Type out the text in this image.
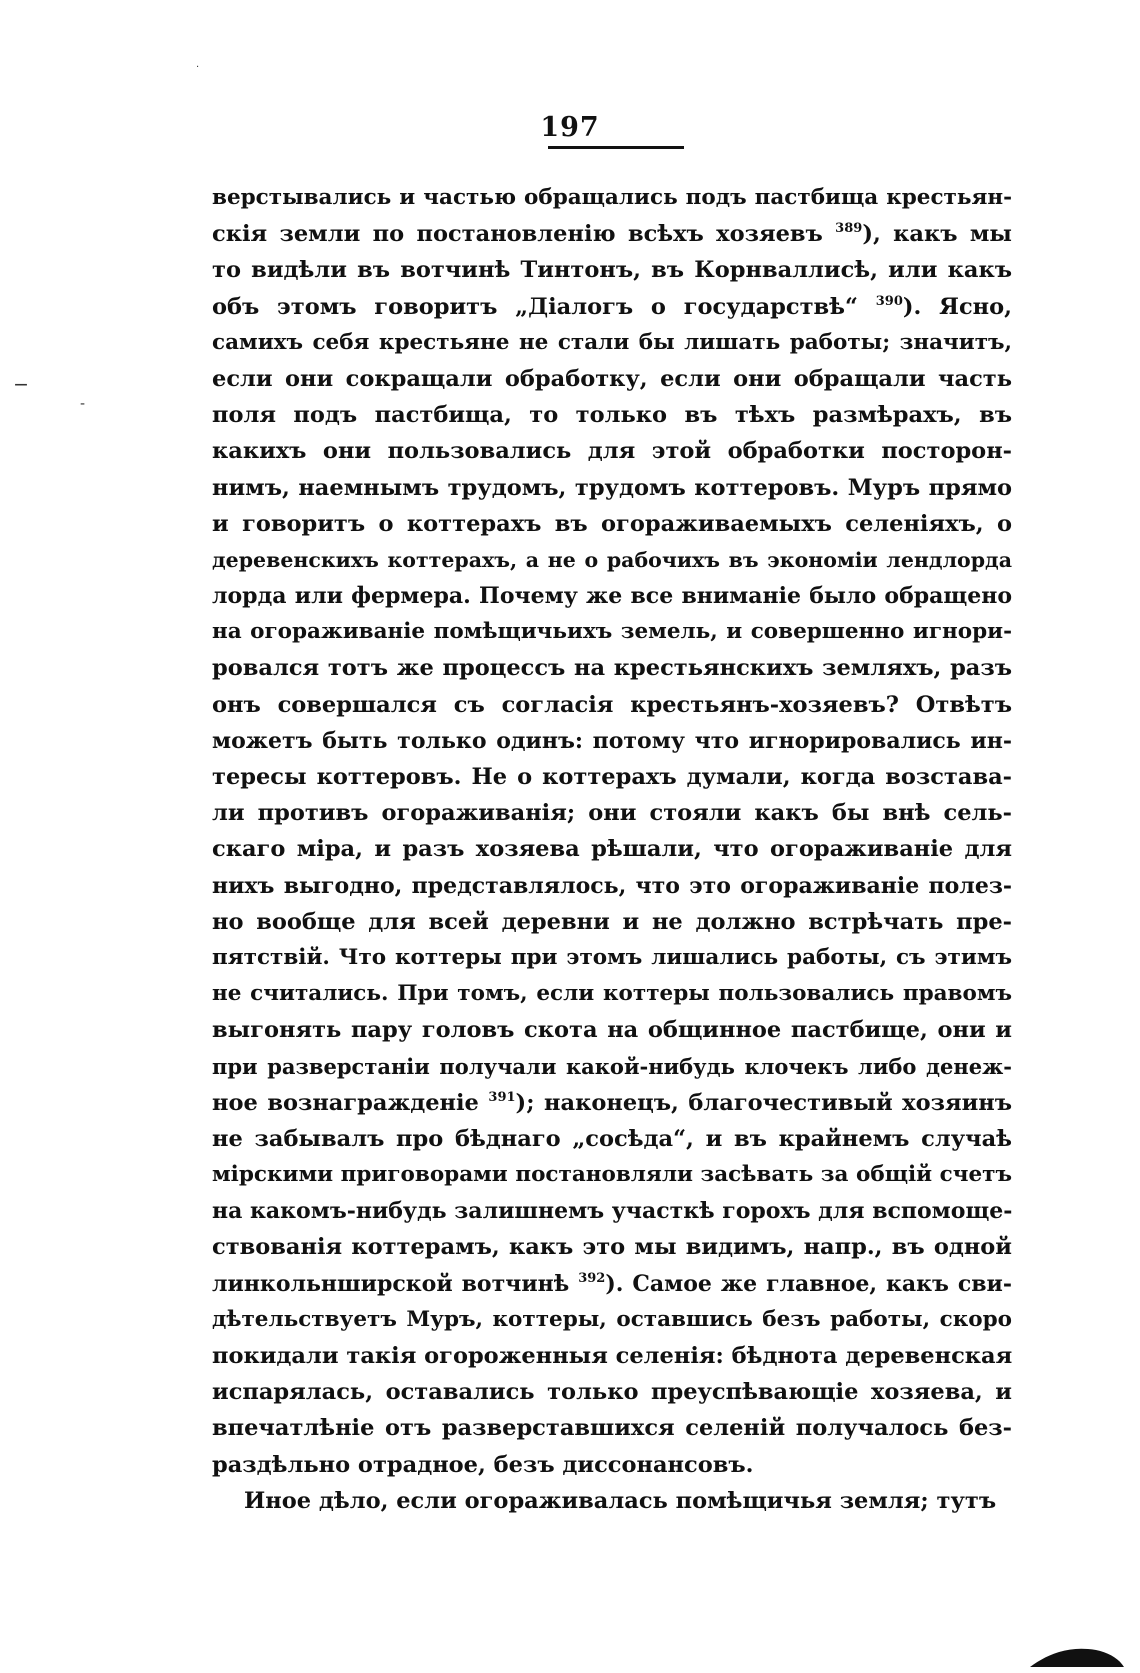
·
‒
-
197
верстывались и частью обращались подъ пастбища крестьян-
скія земли по постановленію всѣхъ хозяевъ $^{389}$), какъ мы
то видѣли въ вотчинѣ Тинтонъ, въ Корнваллисѣ, или какъ
объ этомъ говоритъ „Діалогъ о государствѣ“ $^{390}$). Ясно,
самихъ себя крестьяне не стали бы лишать работы; значитъ,
если они сокращали обработку, если они обращали часть
поля подъ пастбища, то только въ тѣхъ размѣрахъ, въ
какихъ они пользовались для этой обработки посторон-
нимъ, наемнымъ трудомъ, трудомъ коттеровъ. Муръ прямо
и говоритъ о коттерахъ въ огораживаемыхъ селеніяхъ, о
деревенскихъ коттерахъ, а не о рабочихъ въ экономіи лендлорда
лорда или фермера. Почему же все вниманіе было обращено
на огораживаніе помѣщичьихъ земель, и совершенно игнори-
ровался тотъ же процессъ на крестьянскихъ земляхъ, разъ
онъ совершался съ согласія крестьянъ-хозяевъ? Отвѣтъ
можетъ быть только одинъ: потому что игнорировались ин-
тересы коттеровъ. Не о коттерахъ думали, когда возстава-
ли противъ огораживанія; они стояли какъ бы внѣ сель-
скаго міра, и разъ хозяева рѣшали, что огораживаніе для
нихъ выгодно, представлялось, что это огораживаніе полез-
но вообще для всей деревни и не должно встрѣчать пре-
пятствій. Что коттеры при этомъ лишались работы, съ этимъ
не считались. При томъ, если коттеры пользовались правомъ
выгонять пару головъ скота на общинное пастбище, они и
при разверстаніи получали какой-нибудь клочекъ либо денеж-
ное вознагражденіе $^{391}$); наконецъ, благочестивый хозяинъ
не забывалъ про бѣднаго „сосѣда“, и въ крайнемъ случаѣ
мірскими приговорами постановляли засѣвать за общій счетъ
на какомъ-нибудь залишнемъ участкѣ горохъ для вспомоще-
ствованія коттерамъ, какъ это мы видимъ, напр., въ одной
линкольнширской вотчинѣ $^{392}$). Самое же главное, какъ сви-
дѣтельствуетъ Муръ, коттеры, оставшись безъ работы, скоро
покидали такія огороженныя селенія: бѣднота деревенская
испарялась, оставались только преуспѣвающіе хозяева, и
впечатлѣніе отъ разверставшихся селеній получалось без-
раздѣльно отрадное, безъ диссонансовъ.
Иное дѣло, если огораживалась помѣщичья земля; тутъ
